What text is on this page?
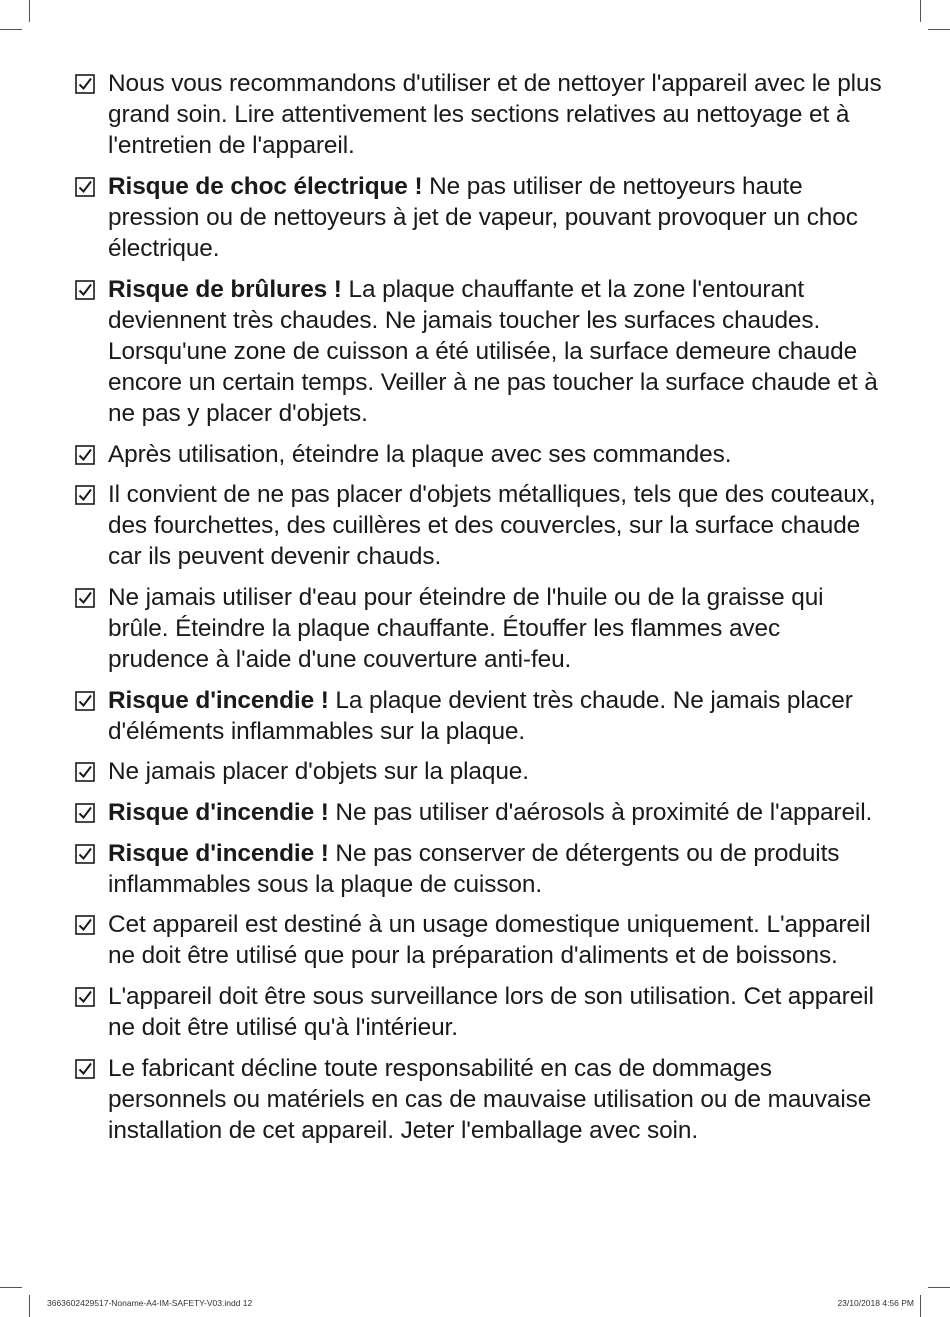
Nous vous recommandons d'utiliser et de nettoyer l'appareil avec le plus grand soin. Lire attentivement les sections relatives au nettoyage et à l'entretien de l'appareil.
Risque de choc électrique ! Ne pas utiliser de nettoyeurs haute pression ou de nettoyeurs à jet de vapeur, pouvant provoquer un choc électrique.
Risque de brûlures ! La plaque chauffante et la zone l'entourant deviennent très chaudes. Ne jamais toucher les surfaces chaudes. Lorsqu'une zone de cuisson a été utilisée, la surface demeure chaude encore un certain temps. Veiller à ne pas toucher la surface chaude et à ne pas y placer d'objets.
Après utilisation, éteindre la plaque avec ses commandes.
Il convient de ne pas placer d'objets métalliques, tels que des couteaux, des fourchettes, des cuillères et des couvercles, sur la surface chaude car ils peuvent devenir chauds.
Ne jamais utiliser d'eau pour éteindre de l'huile ou de la graisse qui brûle. Éteindre la plaque chauffante. Étouffer les flammes avec prudence à l'aide d'une couverture anti-feu.
Risque d'incendie ! La plaque devient très chaude. Ne jamais placer d'éléments inflammables sur la plaque.
Ne jamais placer d'objets sur la plaque.
Risque d'incendie ! Ne pas utiliser d'aérosols à proximité de l'appareil.
Risque d'incendie ! Ne pas conserver de détergents ou de produits inflammables sous la plaque de cuisson.
Cet appareil est destiné à un usage domestique uniquement. L'appareil ne doit être utilisé que pour la préparation d'aliments et de boissons.
L'appareil doit être sous surveillance lors de son utilisation. Cet appareil ne doit être utilisé qu'à l'intérieur.
Le fabricant décline toute responsabilité en cas de dommages personnels ou matériels en cas de mauvaise utilisation ou de mauvaise installation de cet appareil. Jeter l'emballage avec soin.
3663602429517-Noname-A4-IM-SAFETY-V03.indd 12	23/10/2018 4:56 PM
